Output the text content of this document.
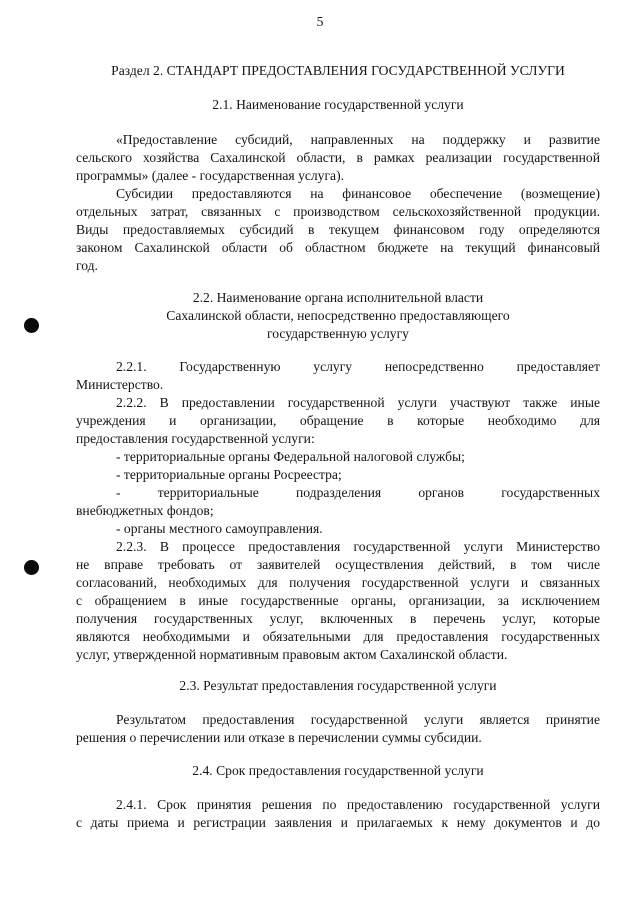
5
Раздел 2. СТАНДАРТ ПРЕДОСТАВЛЕНИЯ ГОСУДАРСТВЕННОЙ УСЛУГИ
2.1. Наименование государственной услуги
«Предоставление субсидий, направленных на поддержку и развитие
сельского хозяйства Сахалинской области, в рамках реализации государственной
программы» (далее - государственная услуга).
Субсидии предоставляются на финансовое обеспечение (возмещение)
отдельных затрат, связанных с производством сельскохозяйственной продукции.
Виды предоставляемых субсидий в текущем финансовом году определяются
законом Сахалинской области об областном бюджете на текущий финансовый
год.
2.2. Наименование органа исполнительной власти
Сахалинской области, непосредственно предоставляющего
государственную услугу
2.2.1. Государственную услугу непосредственно предоставляет
Министерство.
2.2.2. В предоставлении государственной услуги участвуют также иные
учреждения и организации, обращение в которые необходимо для
предоставления государственной услуги:
- территориальные органы Федеральной налоговой службы;
- территориальные органы Росреестра;
- территориальные подразделения органов государственных
внебюджетных фондов;
- органы местного самоуправления.
2.2.3. В процессе предоставления государственной услуги Министерство
не вправе требовать от заявителей осуществления действий, в том числе
согласований, необходимых для получения государственной услуги и связанных
с обращением в иные государственные органы, организации, за исключением
получения государственных услуг, включенных в перечень услуг, которые
являются необходимыми и обязательными для предоставления государственных
услуг, утвержденной нормативным правовым актом Сахалинской области.
2.3. Результат предоставления государственной услуги
Результатом предоставления государственной услуги является принятие
решения о перечислении или отказе в перечислении суммы субсидии.
2.4. Срок предоставления государственной услуги
2.4.1. Срок принятия решения по предоставлению государственной услуги
с даты приема и регистрации заявления и прилагаемых к нему документов и до
